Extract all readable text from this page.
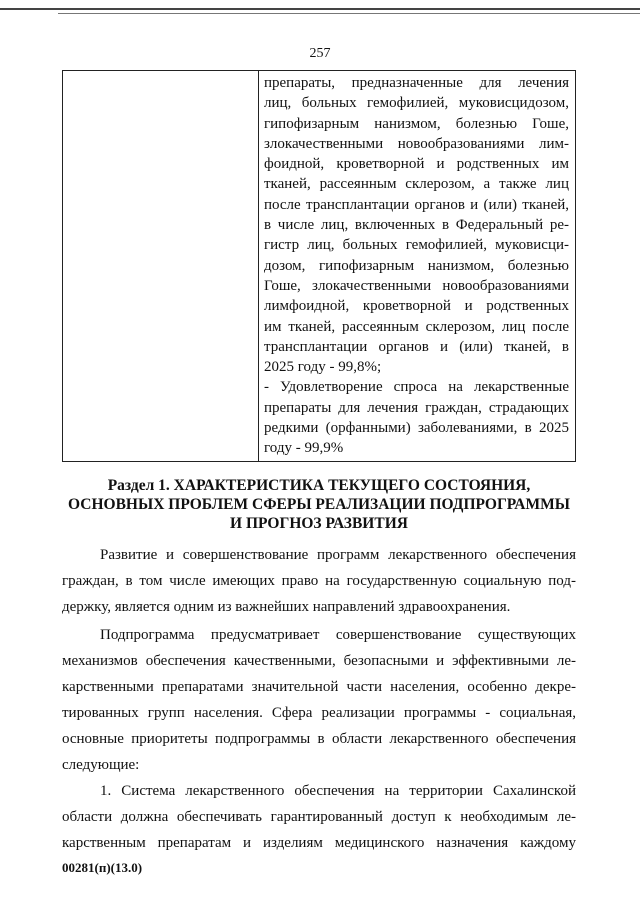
257
препараты, предназначенные для лечения
лиц, больных гемофилией, муковисцидозом,
гипофизарным нанизмом, болезнью Гоше,
злокачественными новообразованиями лим-
фоидной, кроветворной и родственных им
тканей, рассеянным склерозом, а также лиц
после трансплантации органов и (или) тканей,
в числе лиц, включенных в Федеральный ре-
гистр лиц, больных гемофилией, муковисци-
дозом, гипофизарным нанизмом, болезнью
Гоше, злокачественными новообразованиями
лимфоидной, кроветворной и родственных
им тканей, рассеянным склерозом, лиц после
трансплантации органов и (или) тканей, в
2025 году - 99,8%;
- Удовлетворение спроса на лекарственные
препараты для лечения граждан, страдающих
редкими (орфанными) заболеваниями, в 2025
году - 99,9%
Раздел 1. ХАРАКТЕРИСТИКА ТЕКУЩЕГО СОСТОЯНИЯ,
ОСНОВНЫХ ПРОБЛЕМ СФЕРЫ РЕАЛИЗАЦИИ ПОДПРОГРАММЫ
И ПРОГНОЗ РАЗВИТИЯ
Развитие и совершенствование программ лекарственного обеспечения
граждан, в том числе имеющих право на государственную социальную под-
держку, является одним из важнейших направлений здравоохранения.
Подпрограмма предусматривает совершенствование существующих
механизмов обеспечения качественными, безопасными и эффективными ле-
карственными препаратами значительной части населения, особенно декре-
тированных групп населения. Сфера реализации программы - социальная,
основные приоритеты подпрограммы в области лекарственного обеспечения
следующие:
1. Система лекарственного обеспечения на территории Сахалинской
области должна обеспечивать гарантированный доступ к необходимым ле-
карственным препаратам и изделиям медицинского назначения каждому
00281(п)(13.0)
